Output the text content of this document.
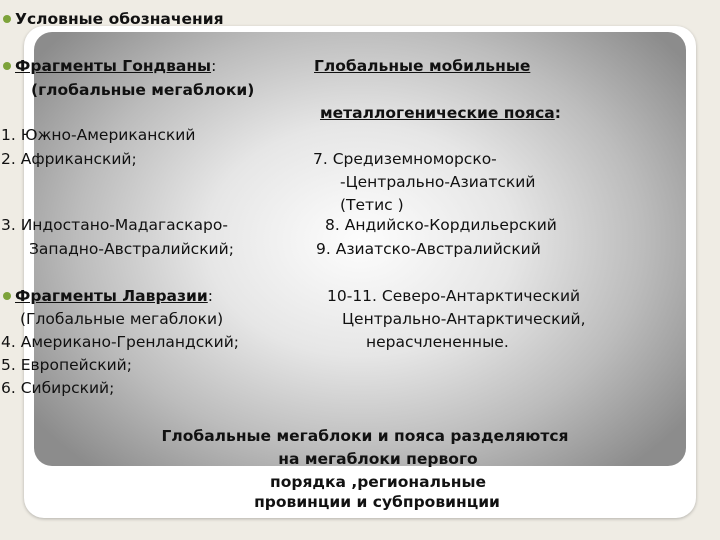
Условные обозначения
Фрагменты Гондваны:
(глобальные мегаблоки)
Глобальные мобильные
металлогенические пояса:
1. Южно-Американский
2. Африканский;
3. Индостано-Мадагаскаро-
Западно-Австралийский;
7. Средиземноморско-
-Центрально-Азиатский
(Тетис )
8. Андийско-Кордильерский
9. Азиатско-Австралийский
Фрагменты Лавразии:
(Глобальные мегаблоки)
4. Американо-Гренландский;
5. Европейский;
6. Сибирский;
10-11. Северо-Антарктический
Центрально-Антарктический,
нерасчлененные.
Глобальные мегаблоки и пояса разделяются
на мегаблоки первого
порядка ,региональные
провинции и субпровинции
